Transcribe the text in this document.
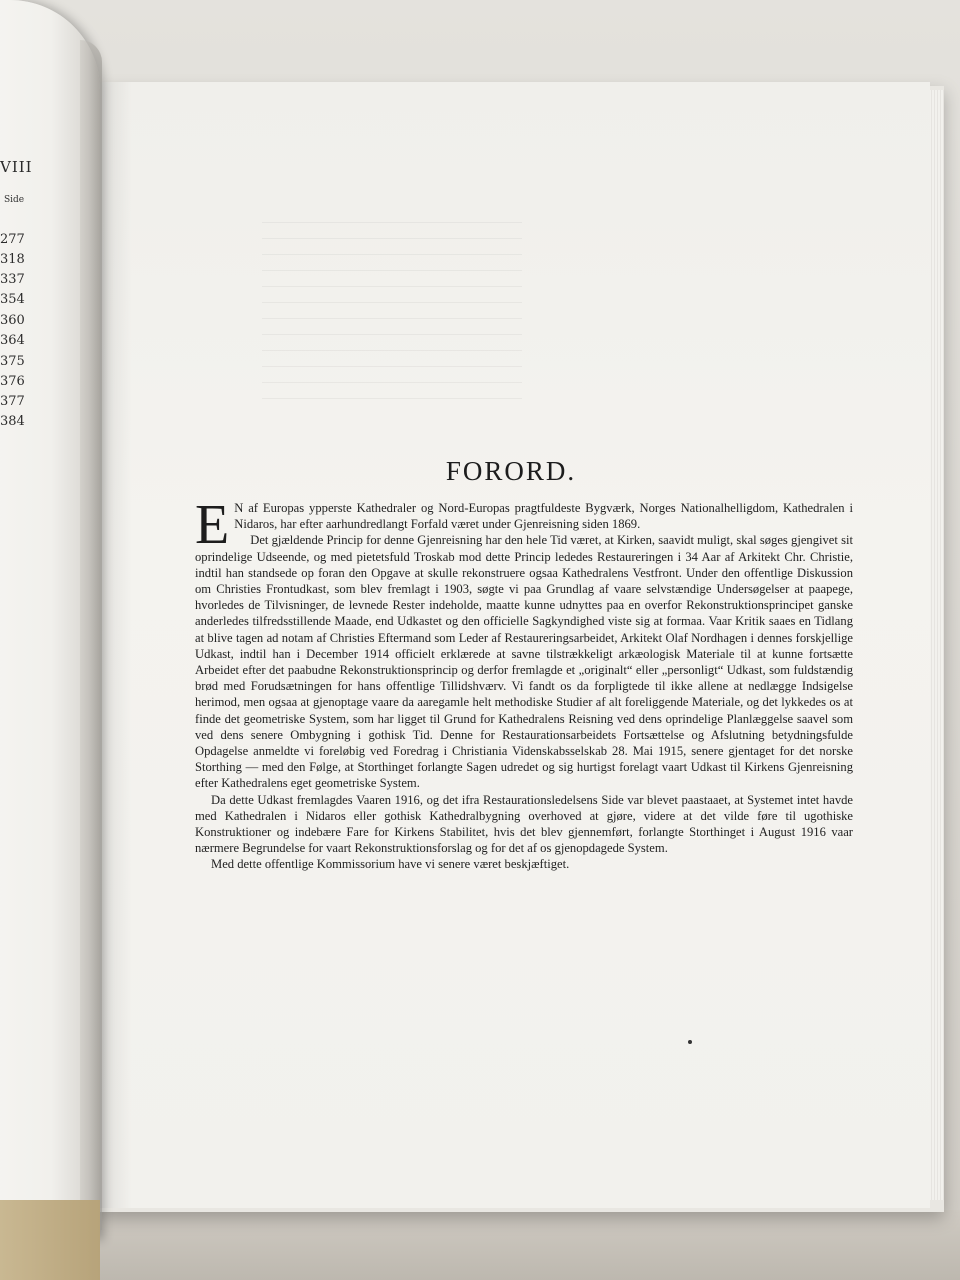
FORORD.

E N af Europas ypperste Kathedraler og Nord-Europas pragtfuldeste Bygværk, Norges Nationalhelligdom, Kathedralen i Nidaros, har efter aarhundredlangt Forfald været under Gjenreisning siden 1869.

Det gjældende Princip for denne Gjenreisning har den hele Tid været, at Kirken, saavidt muligt, skal søges gjengivet sit oprindelige Udseende, og med pietetsfuld Troskab mod dette Princip lededes Restaureringen i 34 Aar af Arkitekt Chr. Christie, indtil han standsede op foran den Opgave at skulle rekonstruere ogsaa Kathedralens Vestfront. Under den offentlige Diskussion om Christies Frontudkast, som blev fremlagt i 1903, søgte vi paa Grundlag af vaare selvstændige Undersøgelser at paapege, hvorledes de Tilvisninger, de levnede Rester indeholde, maatte kunne udnyttes paa en overfor Rekonstruktionsprincipet ganske anderledes tilfredsstillende Maade, end Udkastet og den officielle Sagkyndighed viste sig at formaa. Vaar Kritik saaes en Tidlang at blive tagen ad notam af Christies Eftermand som Leder af Restaureringsarbeidet, Arkitekt Olaf Nordhagen i dennes forskjellige Udkast, indtil han i December 1914 officielt erklærede at savne tilstrækkeligt arkæologisk Materiale til at kunne fortsætte Arbeidet efter det paabudne Rekonstruktionsprincip og derfor fremlagde et „originalt“ eller „personligt“ Udkast, som fuldstændig brød med Forudsætningen for hans offentlige Tillidshværv. Vi fandt os da forpligtede til ikke allene at nedlægge Indsigelse herimod, men ogsaa at gjenoptage vaare da aaregamle helt methodiske Studier af alt foreliggende Materiale, og det lykkedes os at finde det geometriske System, som har ligget til Grund for Kathedralens Reisning ved dens oprindelige Planlæggelse saavel som ved dens senere Ombygning i gothisk Tid. Denne for Restaurationsarbeidets Fortsættelse og Afslutning betydningsfulde Opdagelse anmeldte vi foreløbig ved Foredrag i Christiania Videnskabsselskab 28. Mai 1915, senere gjentaget for det norske Storthing — med den Følge, at Storthinget forlangte Sagen udredet og sig hurtigst forelagt vaart Udkast til Kirkens Gjenreisning efter Kathedralens eget geometriske System.

Da dette Udkast fremlagdes Vaaren 1916, og det ifra Restaurationsledelsens Side var blevet paastaaet, at Systemet intet havde med Kathedralen i Nidaros eller gothisk Kathedralbygning overhoved at gjøre, videre at det vilde føre til ugothiske Konstruktioner og indebære Fare for Kirkens Stabilitet, hvis det blev gjennemført, forlangte Storthinget i August 1916 vaar nærmere Begrundelse for vaart Rekonstruktionsforslag og for det af os gjenopdagede System.

Med dette offentlige Kommissorium have vi senere været beskjæftiget.

VIII
Side
277
318
337
354
360
364
375
376
377
384
